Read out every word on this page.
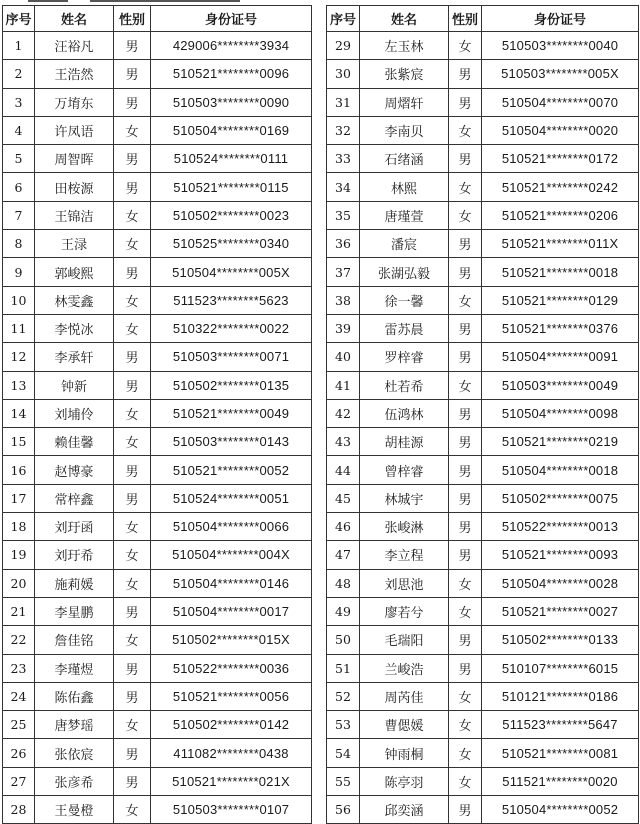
序号	姓名	性别	身份证号
1	汪裕凡	男	429006********3934
2	王浩然	男	510521********0096
3	万堉东	男	510503********0090
4	许凤语	女	510504********0169
5	周智晖	男	510524********0111
6	田桉源	男	510521********0115
7	王锦洁	女	510502********0023
8	王渌	女	510525********0340
9	郭峻熙	男	510504********005X
10	林雯鑫	女	511523********5623
11	李悦冰	女	510322********0022
12	李承轩	男	510503********0071
13	钟新	男	510502********0135
14	刘埔伶	女	510521********0049
15	赖佳馨	女	510503********0143
16	赵博豪	男	510521********0052
17	常梓鑫	男	510524********0051
18	刘玗函	女	510504********0066
19	刘玗希	女	510504********004X
20	施莉媛	女	510504********0146
21	李星鹏	男	510504********0017
22	詹佳铭	女	510502********015X
23	李瑾煜	男	510522********0036
24	陈佑鑫	男	510521********0056
25	唐梦瑶	女	510502********0142
26	张依宸	男	411082********0438
27	张彦希	男	510521********021X
28	王曼橙	女	510503********0107
序号	姓名	性别	身份证号
29	左玉林	女	510503********0040
30	张紫宸	男	510503********005X
31	周熠轩	男	510504********0070
32	李南贝	女	510504********0020
33	石绪涵	男	510521********0172
34	林熙	女	510521********0242
35	唐瑾萱	女	510521********0206
36	潘宸	男	510521********011X
37	张湖弘毅	男	510521********0018
38	徐一馨	女	510521********0129
39	雷苏晨	男	510521********0376
40	罗梓睿	男	510504********0091
41	杜若希	女	510503********0049
42	伍鸿林	男	510504********0098
43	胡桂源	男	510521********0219
44	曾梓睿	男	510504********0018
45	林城宇	男	510502********0075
46	张峻淋	男	510522********0013
47	李立程	男	510521********0093
48	刘思池	女	510504********0028
49	廖若兮	女	510521********0027
50	毛瑞阳	男	510502********0133
51	兰峻浩	男	510107********6015
52	周芮佳	女	510121********0186
53	曹偲媛	女	511523********5647
54	钟雨桐	女	510521********0081
55	陈亭羽	女	511521********0020
56	邱奕涵	男	510504********0052
